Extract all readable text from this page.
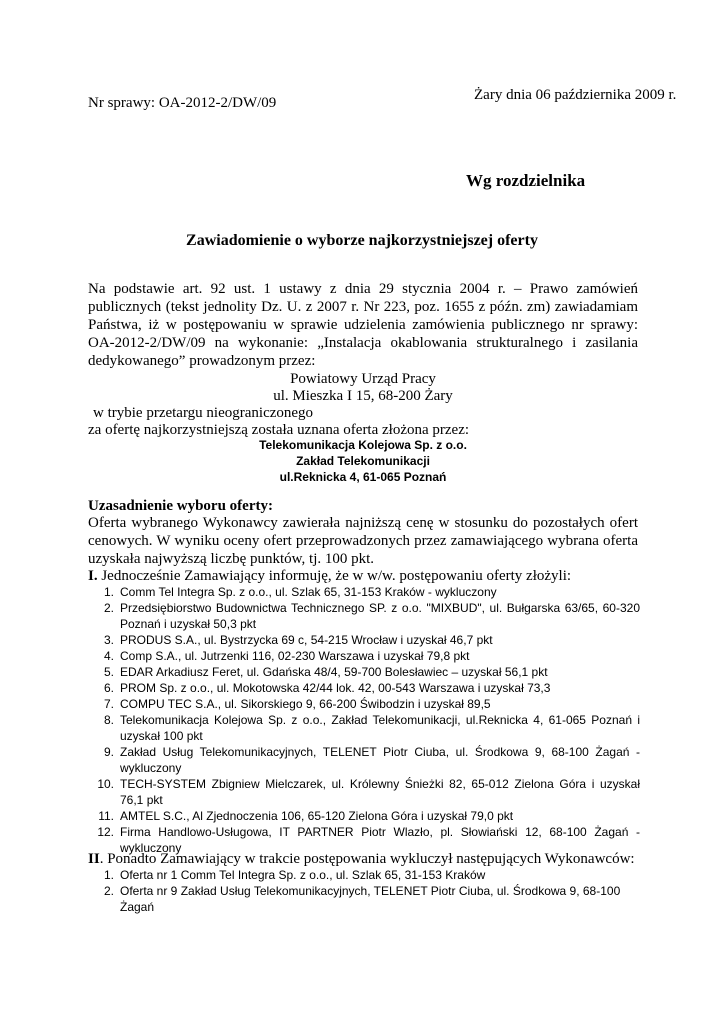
Żary dnia 06 października 2009 r.
Nr sprawy: OA-2012-2/DW/09
Wg rozdzielnika
Zawiadomienie o wyborze najkorzystniejszej oferty
Na podstawie art. 92 ust. 1 ustawy z dnia 29 stycznia 2004 r. – Prawo zamówień publicznych (tekst jednolity Dz. U. z 2007 r. Nr 223, poz. 1655 z późn. zm) zawiadamiam Państwa, iż w postępowaniu w sprawie udzielenia zamówienia publicznego nr sprawy: OA-2012-2/DW/09 na wykonanie: „Instalacja okablowania strukturalnego i zasilania dedykowanego” prowadzonym przez:
Powiatowy Urząd Pracy
ul. Mieszka I 15, 68-200 Żary
w trybie przetargu nieograniczonego
za ofertę najkorzystniejszą została uznana oferta złożona przez:
Telekomunikacja Kolejowa Sp. z o.o.
Zakład Telekomunikacji
ul.Reknicka 4, 61-065 Poznań
Uzasadnienie wyboru oferty:
Oferta wybranego Wykonawcy zawierała najniższą cenę w stosunku do pozostałych ofert cenowych. W wyniku oceny ofert przeprowadzonych przez zamawiającego wybrana oferta uzyskała najwyższą liczbę punktów, tj. 100 pkt.
I. Jednocześnie Zamawiający informuję, że w w/w. postępowaniu oferty złożyli:
1. Comm Tel Integra Sp. z o.o., ul. Szlak 65, 31-153 Kraków - wykluczony
2. Przedsiębiorstwo Budownictwa Technicznego SP. z o.o. "MIXBUD", ul. Bułgarska 63/65, 60-320 Poznań i uzyskał 50,3 pkt
3. PRODUS S.A., ul. Bystrzycka 69 c, 54-215 Wrocław i uzyskał 46,7 pkt
4. Comp S.A., ul. Jutrzenki 116, 02-230 Warszawa i uzyskał 79,8 pkt
5. EDAR Arkadiusz Feret, ul. Gdańska 48/4, 59-700 Bolesławiec – uzyskał 56,1 pkt
6. PROM Sp. z o.o., ul. Mokotowska 42/44 lok. 42, 00-543 Warszawa i uzyskał 73,3
7. COMPU TEC S.A., ul. Sikorskiego 9, 66-200 Świbodzin i uzyskał 89,5
8. Telekomunikacja Kolejowa Sp. z o.o., Zakład Telekomunikacji, ul.Reknicka 4, 61-065 Poznań i uzyskał 100 pkt
9. Zakład Usług Telekomunikacyjnych, TELENET Piotr Ciuba, ul. Środkowa 9, 68-100 Żagań - wykluczony
10. TECH-SYSTEM Zbigniew Mielczarek, ul. Królewny Śnieżki 82, 65-012 Zielona Góra i uzyskał 76,1 pkt
11. AMTEL S.C., Al Zjednoczenia 106, 65-120 Zielona Góra i uzyskał 79,0 pkt
12. Firma Handlowo-Usługowa, IT PARTNER Piotr Wlazło, pl. Słowiański 12, 68-100 Żagań - wykluczony
II. Ponadto Zamawiający w trakcie postępowania wykluczył następujących Wykonawców:
1. Oferta nr 1 Comm Tel Integra Sp. z o.o., ul. Szlak 65, 31-153 Kraków
2. Oferta nr 9 Zakład Usług Telekomunikacyjnych, TELENET Piotr Ciuba, ul. Środkowa 9, 68-100 Żagań
